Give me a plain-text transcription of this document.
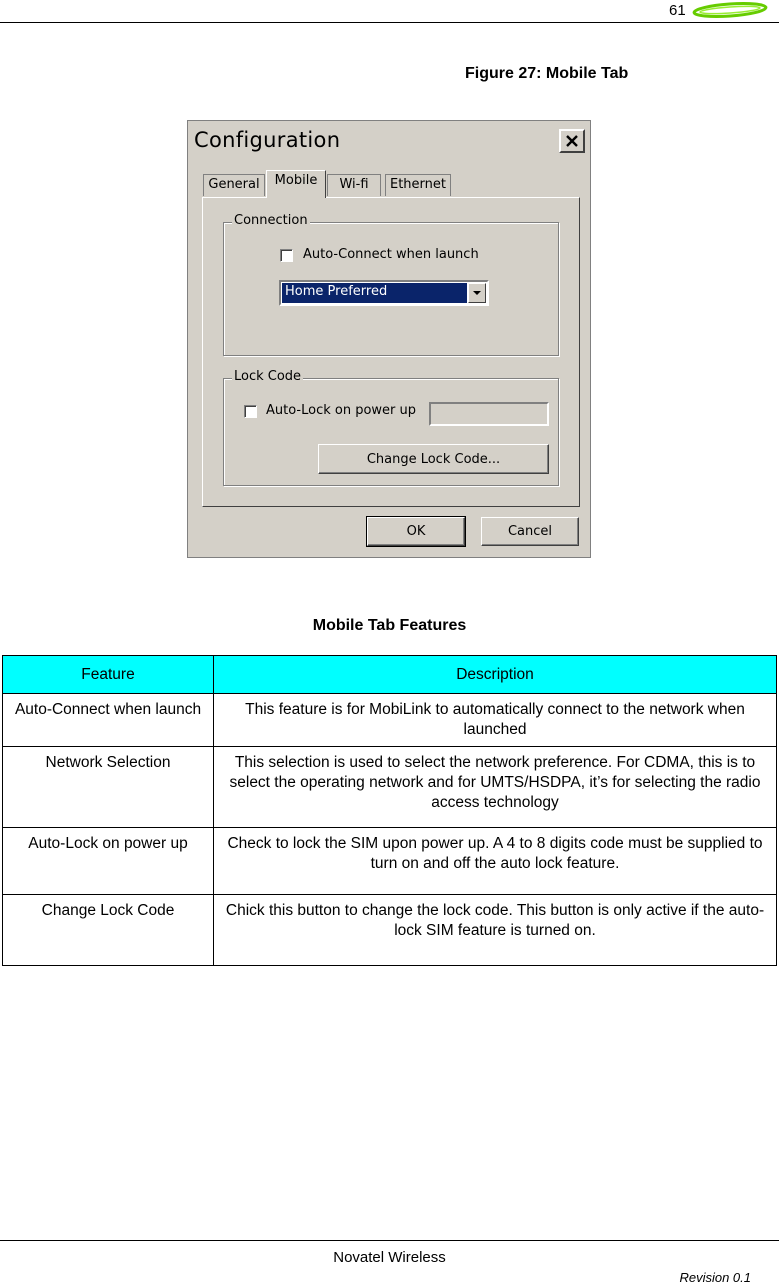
61
Figure 27: Mobile Tab
Configuration
General	Mobile	Wi-fi	Ethernet
Connection
Auto-Connect when launch
Home Preferred
Lock Code
Auto-Lock on power up
Change Lock Code...
OK	Cancel
Mobile Tab Features
Feature	Description
Auto-Connect when launch	This feature is for MobiLink to automatically connect to the network when launched
Network Selection	This selection is used to select the network preference. For CDMA, this is to select the operating network and for UMTS/HSDPA, it’s for selecting the radio access technology
Auto-Lock on power up	Check to lock the SIM upon power up. A 4 to 8 digits code must be supplied to turn on and off the auto lock feature.
Change Lock Code	Chick this button to change the lock code. This button is only active if the auto-lock SIM feature is turned on.
Novatel Wireless
Revision 0.1
